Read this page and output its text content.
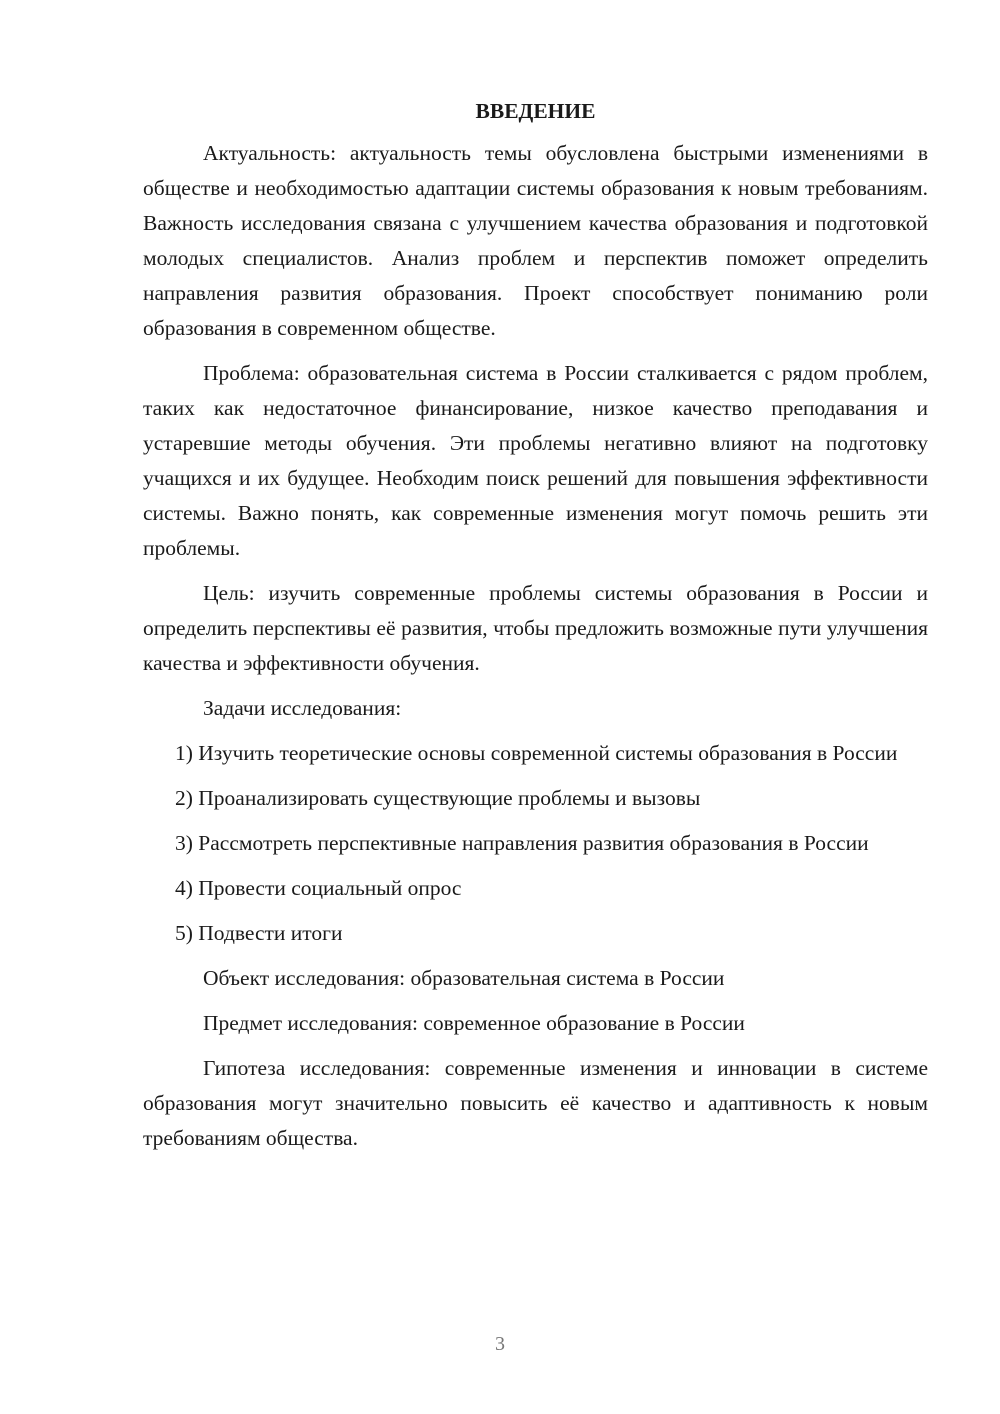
ВВЕДЕНИЕ

Актуальность: актуальность темы обусловлена быстрыми изменениями в обществе и необходимостью адаптации системы образования к новым требованиям. Важность исследования связана с улучшением качества образования и подготовкой молодых специалистов. Анализ проблем и перспектив поможет определить направления развития образования. Проект способствует пониманию роли образования в современном обществе.

Проблема: образовательная система в России сталкивается с рядом проблем, таких как недостаточное финансирование, низкое качество преподавания и устаревшие методы обучения. Эти проблемы негативно влияют на подготовку учащихся и их будущее. Необходим поиск решений для повышения эффективности системы. Важно понять, как современные изменения могут помочь решить эти проблемы.

Цель: изучить современные проблемы системы образования в России и определить перспективы её развития, чтобы предложить возможные пути улучшения качества и эффективности обучения.

Задачи исследования:

1) Изучить теоретические основы современной системы образования в России

2) Проанализировать существующие проблемы и вызовы

3) Рассмотреть перспективные направления развития образования в России

4) Провести социальный опрос

5) Подвести итоги

Объект исследования: образовательная система в России

Предмет исследования: современное образование в России

Гипотеза исследования: современные изменения и инновации в системе образования могут значительно повысить её качество и адаптивность к новым требованиям общества.

3
